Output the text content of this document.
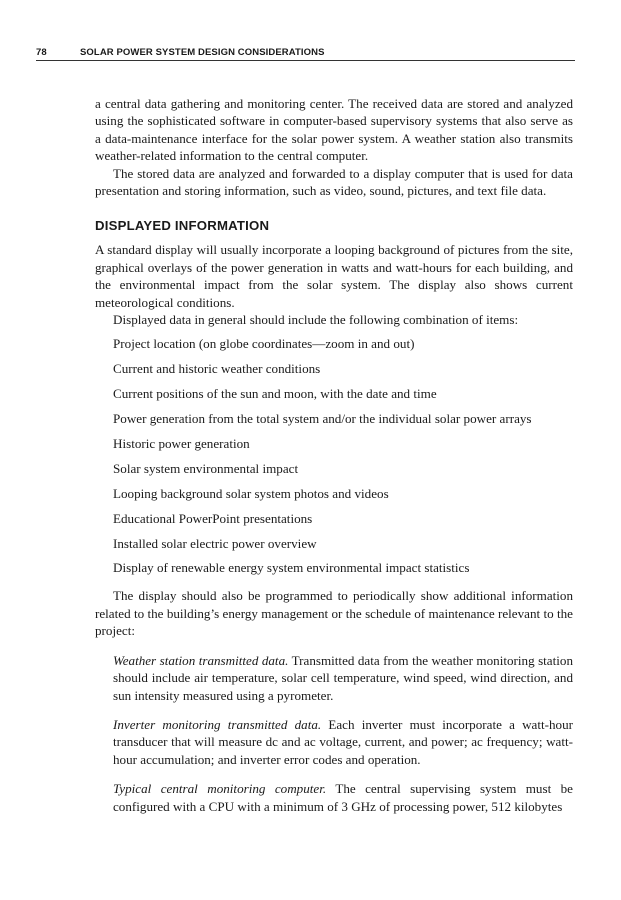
78	SOLAR POWER SYSTEM DESIGN CONSIDERATIONS

a central data gathering and monitoring center. The received data are stored and analyzed using the sophisticated software in computer-based supervisory systems that also serve as a data-maintenance interface for the solar power system. A weather station also transmits weather-related information to the central computer.

The stored data are analyzed and forwarded to a display computer that is used for data presentation and storing information, such as video, sound, pictures, and text file data.

DISPLAYED INFORMATION

A standard display will usually incorporate a looping background of pictures from the site, graphical overlays of the power generation in watts and watt-hours for each building, and the environmental impact from the solar system. The display also shows current meteorological conditions.

Displayed data in general should include the following combination of items:

Project location (on globe coordinates—zoom in and out)
Current and historic weather conditions
Current positions of the sun and moon, with the date and time
Power generation from the total system and/or the individual solar power arrays
Historic power generation
Solar system environmental impact
Looping background solar system photos and videos
Educational PowerPoint presentations
Installed solar electric power overview
Display of renewable energy system environmental impact statistics

The display should also be programmed to periodically show additional information related to the building’s energy management or the schedule of maintenance relevant to the project:

Weather station transmitted data. Transmitted data from the weather monitoring station should include air temperature, solar cell temperature, wind speed, wind direction, and sun intensity measured using a pyrometer.

Inverter monitoring transmitted data. Each inverter must incorporate a watt-hour transducer that will measure dc and ac voltage, current, and power; ac frequency; watt-hour accumulation; and inverter error codes and operation.

Typical central monitoring computer. The central supervising system must be configured with a CPU with a minimum of 3 GHz of processing power, 512 kilobytes
